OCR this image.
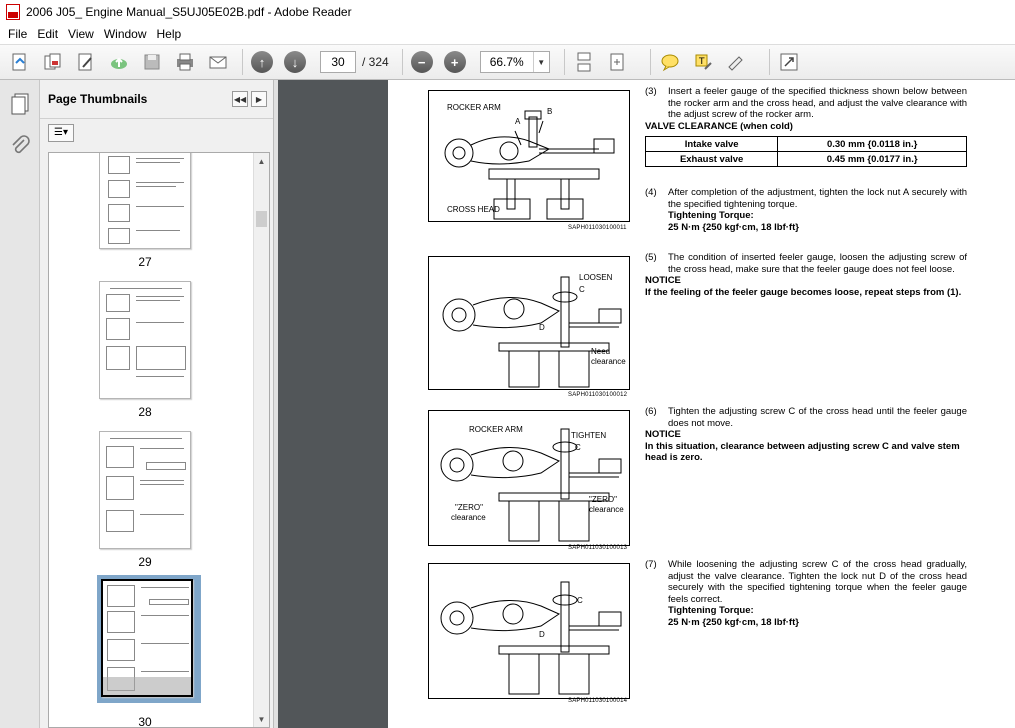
2006 J05_ Engine Manual_S5UJ05E02B.pdf - Adobe Reader
File Edit View Window Help
↑	↓
30	/ 324	−	+	66.7%	▼	T
Page Thumbnails	◀◀	▶
☰▾
27
28
29
30
▲
▼
ROCKER ARM
A
B
CROSS HEAD
SAPH011030100011
LOOSEN
C
D
Need
clearance
SAPH011030100012
ROCKER ARM
TIGHTEN
C
"ZERO"
clearance
"ZERO"
clearance
SAPH011030100013
C
D
SAPH011030100014
(3) Insert a feeler gauge of the specified thickness shown below between the rocker arm and the cross head, and adjust the valve clearance with the adjust screw of the rocker arm.
VALVE CLEARANCE (when cold)
Intake valve	0.30 mm {0.0118 in.}
Exhaust valve	0.45 mm {0.0177 in.}
(4) After completion of the adjustment, tighten the lock nut A securely with the specified tightening torque.
Tightening Torque:
25 N·m {250 kgf·cm, 18 lbf·ft}
(5) The condition of inserted feeler gauge, loosen the adjusting screw of the cross head, make sure that the feeler gauge does not feel loose.
NOTICE
If the feeling of the feeler gauge becomes loose, repeat steps from (1).
(6) Tighten the adjusting screw C of the cross head until the feeler gauge does not move.
NOTICE
In this situation, clearance between adjusting screw C and valve stem head is zero.
(7) While loosening the adjusting screw C of the cross head gradually, adjust the valve clearance. Tighten the lock nut D of the cross head securely with the specified tightening torque when the feeler gauge feels correct.
Tightening Torque:
25 N·m {250 kgf·cm, 18 lbf·ft}
